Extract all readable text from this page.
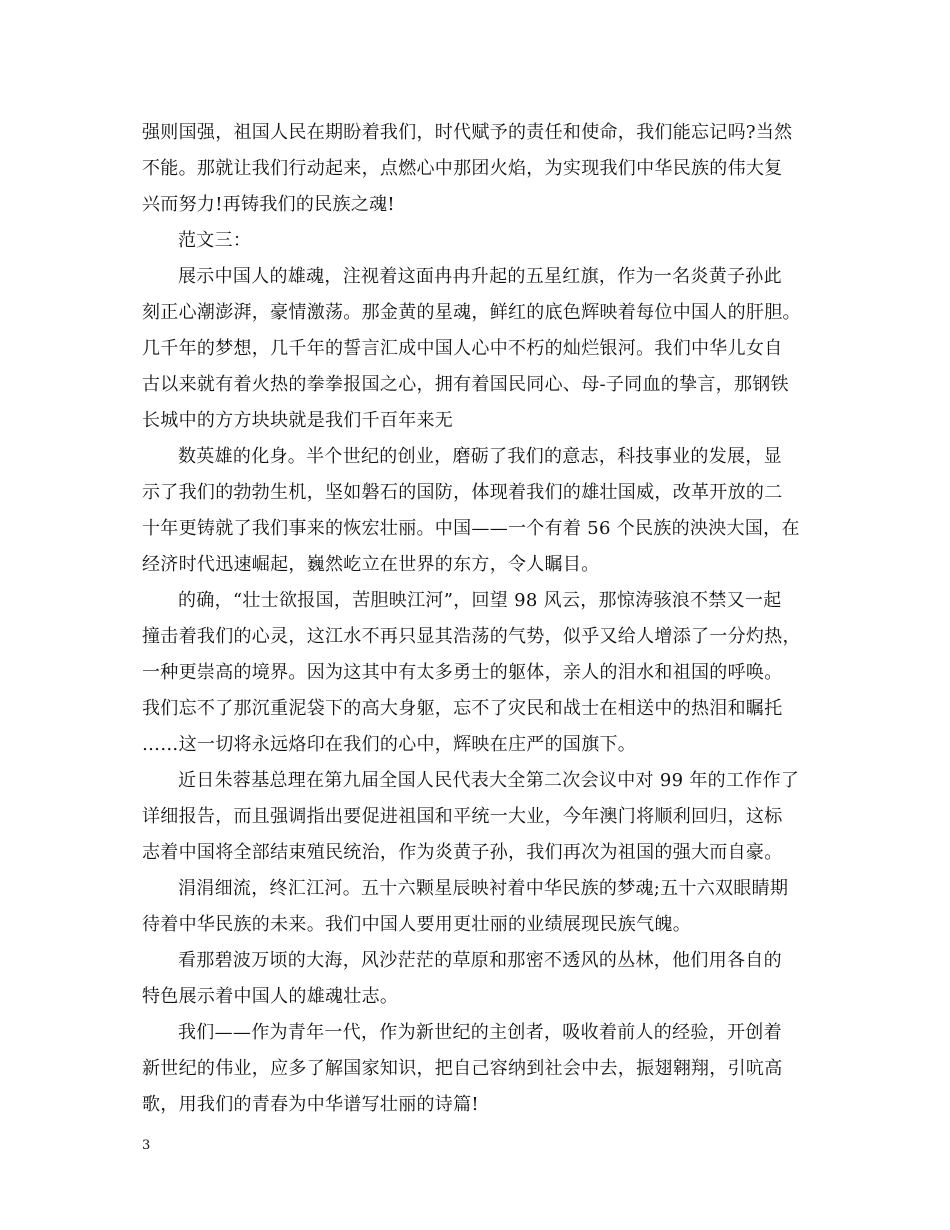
强则国强，祖国人民在期盼着我们，时代赋予的责任和使命，我们能忘记吗?当然
不能。那就让我们行动起来，点燃心中那团火焰，为实现我们中华民族的伟大复
兴而努力!再铸我们的民族之魂!
范文三：
展示中国人的雄魂，注视着这面冉冉升起的五星红旗，作为一名炎黄子孙此
刻正心潮澎湃，豪情激荡。那金黄的星魂，鲜红的底色辉映着每位中国人的肝胆。
几千年的梦想，几千年的誓言汇成中国人心中不朽的灿烂银河。我们中华儿女自
古以来就有着火热的拳拳报国之心，拥有着国民同心、母-子同血的挚言，那钢铁
长城中的方方块块就是我们千百年来无
数英雄的化身。半个世纪的创业，磨砺了我们的意志，科技事业的发展，显
示了我们的勃勃生机，坚如磐石的国防，体现着我们的雄壮国威，改革开放的二
十年更铸就了我们事来的恢宏壮丽。中国——一个有着 56 个民族的泱泱大国，在
经济时代迅速崛起，巍然屹立在世界的东方，令人瞩目。
的确，“壮士欲报国，苦胆映江河”，回望 98 风云，那惊涛骇浪不禁又一起
撞击着我们的心灵，这江水不再只显其浩荡的气势，似乎又给人增添了一分灼热，
一种更崇高的境界。因为这其中有太多勇士的躯体，亲人的泪水和祖国的呼唤。
我们忘不了那沉重泥袋下的高大身躯，忘不了灾民和战士在相送中的热泪和瞩托
……这一切将永远烙印在我们的心中，辉映在庄严的国旗下。
近日朱蓉基总理在第九届全国人民代表大全第二次会议中对 99 年的工作作了
详细报告，而且强调指出要促进祖国和平统一大业，今年澳门将顺利回归，这标
志着中国将全部结束殖民统治，作为炎黄子孙，我们再次为祖国的强大而自豪。
涓涓细流，终汇江河。五十六颗星辰映衬着中华民族的梦魂;五十六双眼睛期
待着中华民族的未来。我们中国人要用更壮丽的业绩展现民族气魄。
看那碧波万顷的大海，风沙茫茫的草原和那密不透风的丛林，他们用各自的
特色展示着中国人的雄魂壮志。
我们——作为青年一代，作为新世纪的主创者，吸收着前人的经验，开创着
新世纪的伟业，应多了解国家知识，把自己容纳到社会中去，振翅翱翔，引吭高
歌，用我们的青春为中华谱写壮丽的诗篇!
3
